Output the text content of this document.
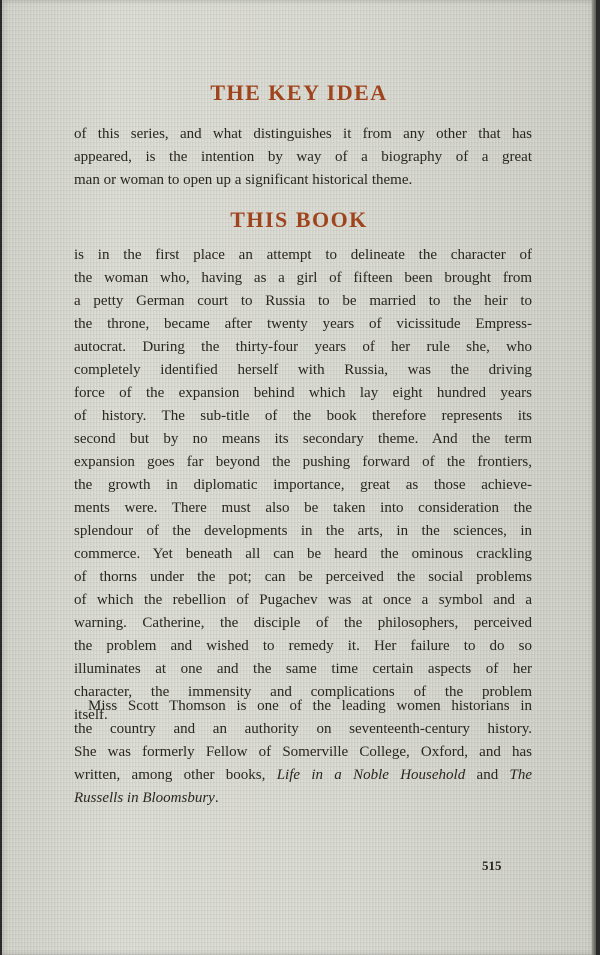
THE KEY IDEA

of this series, and what distinguishes it from any other that has
appeared, is the intention by way of a biography of a great
man or woman to open up a significant historical theme.

THIS BOOK

is in the first place an attempt to delineate the character of
the woman who, having as a girl of fifteen been brought from
a petty German court to Russia to be married to the heir to
the throne, became after twenty years of vicissitude Empress-
autocrat. During the thirty-four years of her rule she, who
completely identified herself with Russia, was the driving
force of the expansion behind which lay eight hundred years
of history. The sub-title of the book therefore represents its
second but by no means its secondary theme. And the term
expansion goes far beyond the pushing forward of the frontiers,
the growth in diplomatic importance, great as those achieve-
ments were. There must also be taken into consideration the
splendour of the developments in the arts, in the sciences, in
commerce. Yet beneath all can be heard the ominous crackling
of thorns under the pot; can be perceived the social problems
of which the rebellion of Pugachev was at once a symbol and a
warning. Catherine, the disciple of the philosophers, perceived
the problem and wished to remedy it. Her failure to do so
illuminates at one and the same time certain aspects of her
character, the immensity and complications of the problem
itself.

Miss Scott Thomson is one of the leading women historians in
the country and an authority on seventeenth-century history.
She was formerly Fellow of Somerville College, Oxford, and has
written, among other books, Life in a Noble Household and The
Russells in Bloomsbury.

515
